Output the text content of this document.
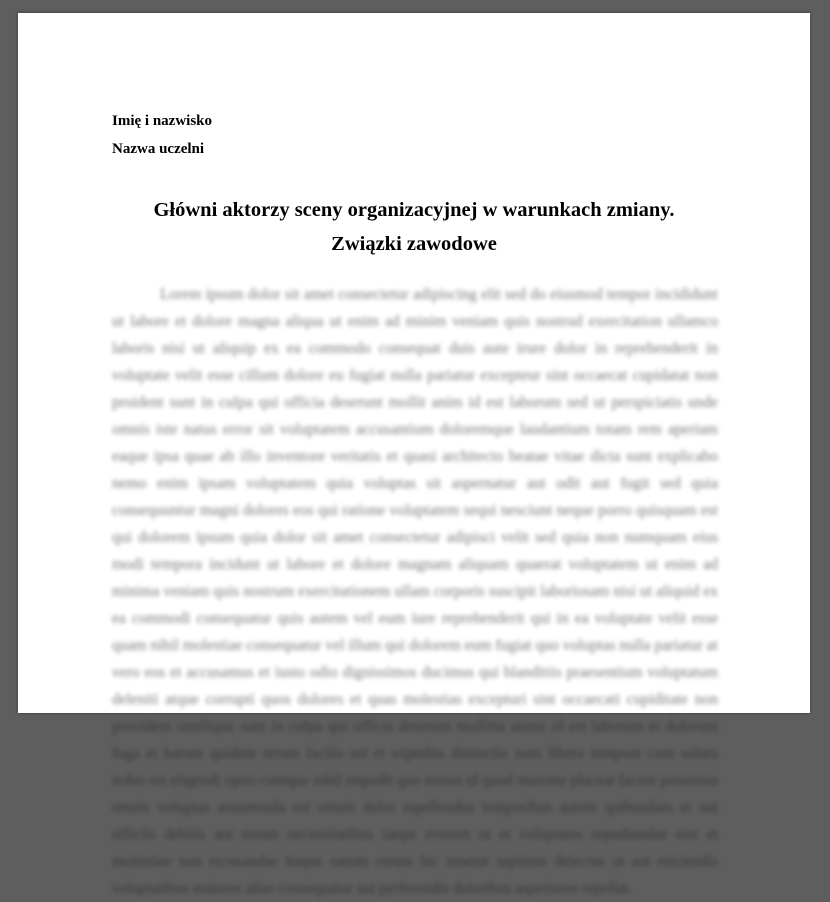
Imię i nazwisko
Nazwa uczelni
Główni aktorzy sceny organizacyjnej w warunkach zmiany.
Związki zawodowe
Lorem ipsum dolor sit amet consectetur adipiscing elit sed do eiusmod tempor incididunt ut labore et dolore magna aliqua ut enim ad minim veniam quis nostrud exercitation ullamco laboris nisi ut aliquip ex ea commodo consequat duis aute irure dolor in reprehenderit in voluptate velit esse cillum dolore eu fugiat nulla pariatur excepteur sint occaecat cupidatat non proident sunt in culpa qui officia deserunt mollit anim id est laborum sed ut perspiciatis unde omnis iste natus error sit voluptatem accusantium doloremque laudantium totam rem aperiam eaque ipsa quae ab illo inventore veritatis et quasi architecto beatae vitae dicta sunt explicabo nemo enim ipsam voluptatem quia voluptas sit aspernatur aut odit aut fugit sed quia consequuntur magni dolores eos qui ratione voluptatem sequi nesciunt neque porro quisquam est qui dolorem ipsum quia dolor sit amet consectetur adipisci velit sed quia non numquam eius modi tempora incidunt ut labore et dolore magnam aliquam quaerat voluptatem ut enim ad minima veniam quis nostrum exercitationem ullam corporis suscipit laboriosam nisi ut aliquid ex ea commodi consequatur quis autem vel eum iure reprehenderit qui in ea voluptate velit esse quam nihil molestiae consequatur vel illum qui dolorem eum fugiat quo voluptas nulla pariatur at vero eos et accusamus et iusto odio dignissimos ducimus qui blanditiis praesentium voluptatum deleniti atque corrupti quos dolores et quas molestias excepturi sint occaecati cupiditate non provident similique sunt in culpa qui officia deserunt mollitia animi id est laborum et dolorum fuga et harum quidem rerum facilis est et expedita distinctio nam libero tempore cum soluta nobis est eligendi optio cumque nihil impedit quo minus id quod maxime placeat facere possimus omnis voluptas assumenda est omnis dolor repellendus temporibus autem quibusdam et aut officiis debitis aut rerum necessitatibus saepe eveniet ut et voluptates repudiandae sint et molestiae non recusandae itaque earum rerum hic tenetur sapiente delectus ut aut reiciendis voluptatibus maiores alias consequatur aut perferendis doloribus asperiores repellat.
